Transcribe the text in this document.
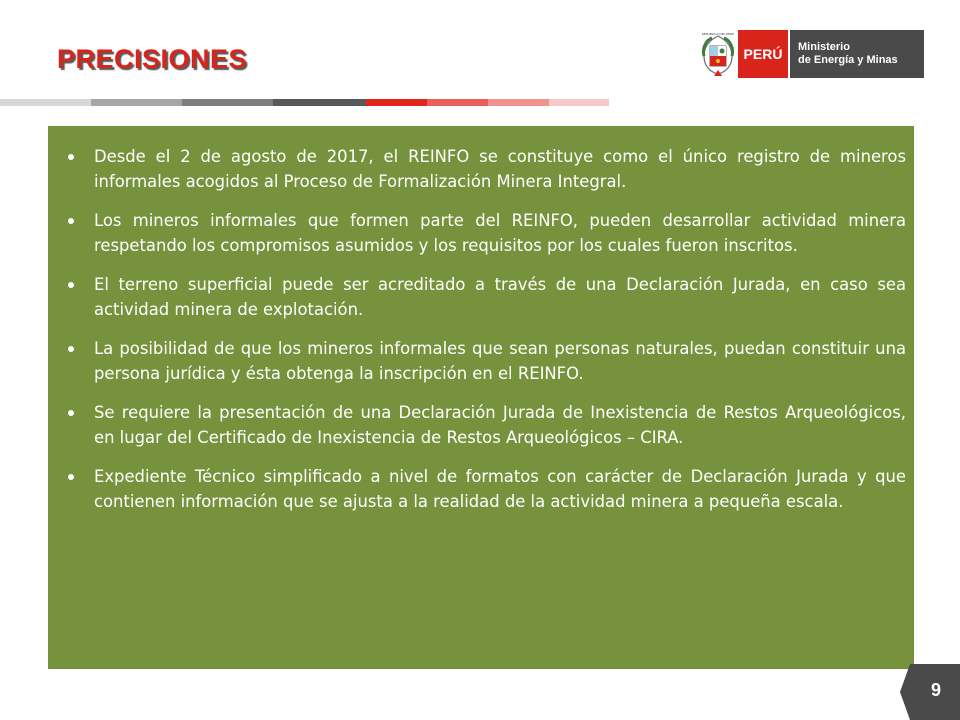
PRECISIONES
REPÚBLICA DEL PERÚ
PERÚ	Ministerio
de Energía y Minas
Desde el 2 de agosto de 2017, el REINFO se constituye como el único registro de mineros informales acogidos al Proceso de Formalización Minera Integral.
Los mineros informales que formen parte del REINFO, pueden desarrollar actividad minera respetando los compromisos asumidos y los requisitos por los cuales fueron inscritos.
El terreno superficial puede ser acreditado a través de una Declaración Jurada, en caso sea actividad minera de explotación.
La posibilidad de que los mineros informales que sean personas naturales, puedan constituir una persona jurídica y ésta obtenga la inscripción en el REINFO.
Se requiere la presentación de una Declaración Jurada de Inexistencia de Restos Arqueológicos, en lugar del Certificado de Inexistencia de Restos Arqueológicos – CIRA.
Expediente Técnico simplificado a nivel de formatos con carácter de Declaración Jurada y que contienen información que se ajusta a la realidad de la actividad minera a pequeña escala.
9
